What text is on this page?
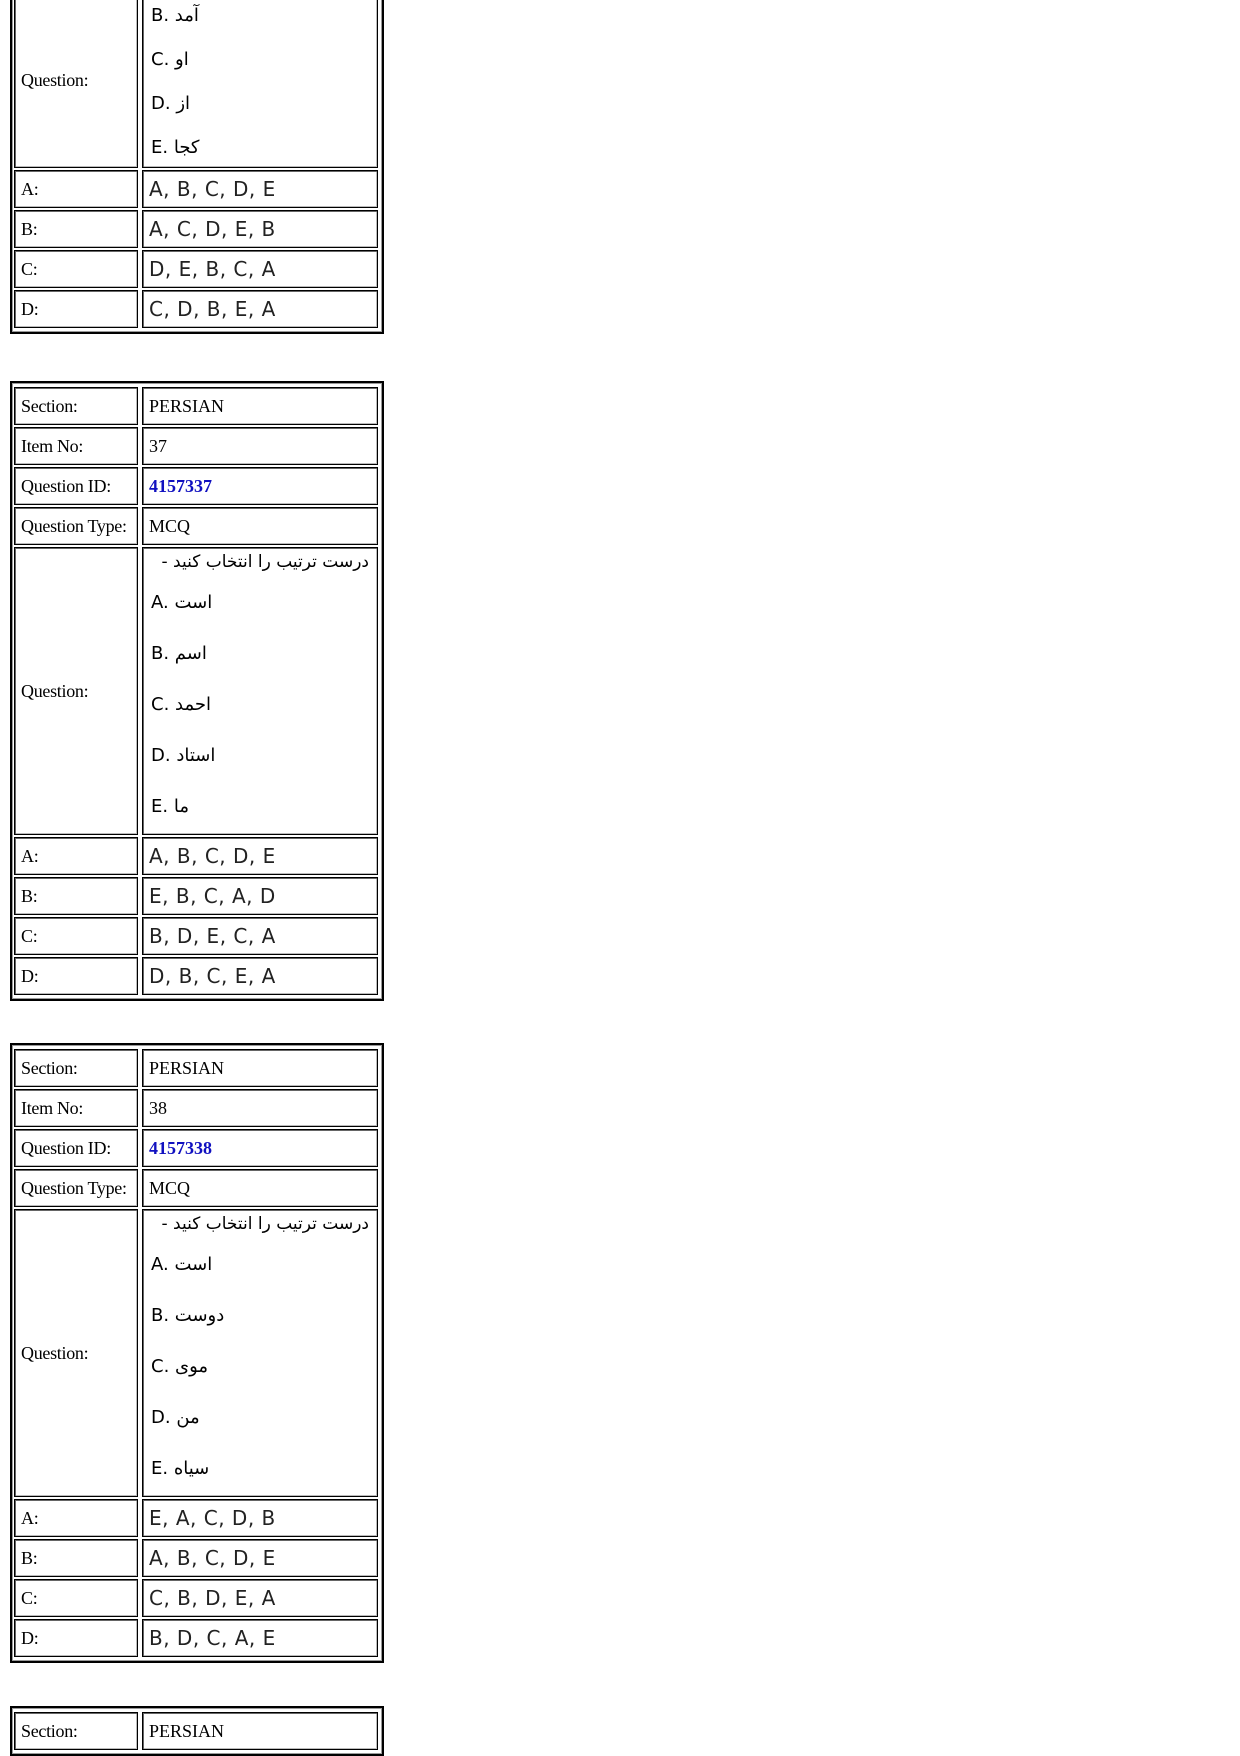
Question:
B. آمد
C. او
D. از
E. کجا
A:	A, B, C, D, E
B:	A, C, D, E, B
C:	D, E, B, C, A
D:	C, D, B, E, A
Section:	PERSIAN
Item No:	37
Question ID:	4157337
Question Type:	MCQ
Question:
درست ترتیب را انتخاب کنید -
A. است
B. اسم
C. احمد
D. استاد
E. ما
A:	A, B, C, D, E
B:	E, B, C, A, D
C:	B, D, E, C, A
D:	D, B, C, E, A
Section:	PERSIAN
Item No:	38
Question ID:	4157338
Question Type:	MCQ
Question:
درست ترتیب را انتخاب کنید -
A. است
B. دوست
C. موی
D. من
E. سیاه
A:	E, A, C, D, B
B:	A, B, C, D, E
C:	C, B, D, E, A
D:	B, D, C, A, E
Section:	PERSIAN
